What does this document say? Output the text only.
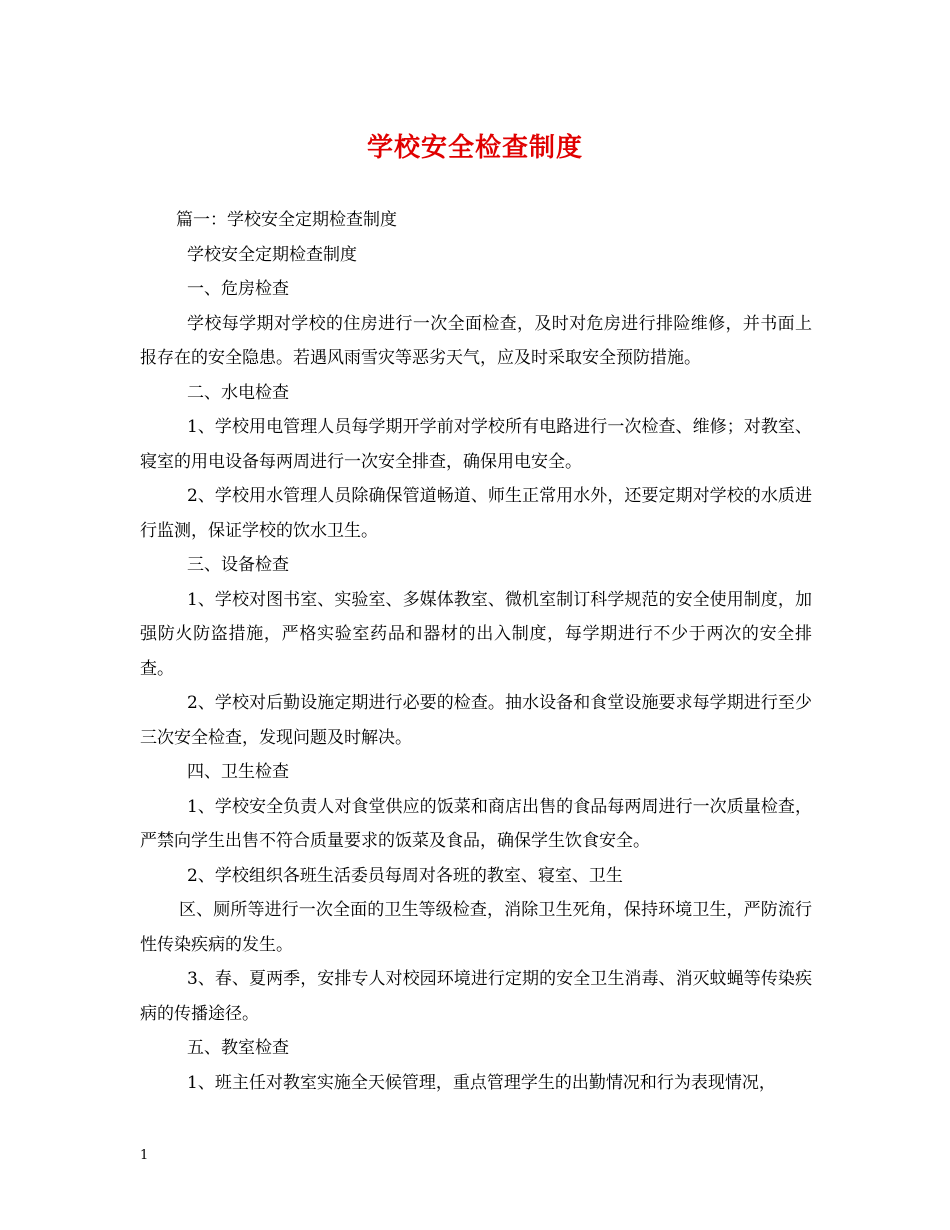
学校安全检查制度

篇一：学校安全定期检查制度

学校安全定期检查制度

一、危房检查

学校每学期对学校的住房进行一次全面检查，及时对危房进行排险维修，并书面上报存在的安全隐患。若遇风雨雪灾等恶劣天气，应及时采取安全预防措施。

二、水电检查

1、学校用电管理人员每学期开学前对学校所有电路进行一次检查、维修；对教室、寝室的用电设备每两周进行一次安全排查，确保用电安全。

2、学校用水管理人员除确保管道畅道、师生正常用水外，还要定期对学校的水质进行监测，保证学校的饮水卫生。

三、设备检查

1、学校对图书室、实验室、多媒体教室、微机室制订科学规范的安全使用制度，加强防火防盗措施，严格实验室药品和器材的出入制度，每学期进行不少于两次的安全排查。

2、学校对后勤设施定期进行必要的检查。抽水设备和食堂设施要求每学期进行至少三次安全检查，发现问题及时解决。

四、卫生检查

1、学校安全负责人对食堂供应的饭菜和商店出售的食品每两周进行一次质量检查，严禁向学生出售不符合质量要求的饭菜及食品，确保学生饮食安全。

2、学校组织各班生活委员每周对各班的教室、寝室、卫生

区、厕所等进行一次全面的卫生等级检查，消除卫生死角，保持环境卫生，严防流行性传染疾病的发生。

3、春、夏两季，安排专人对校园环境进行定期的安全卫生消毒、消灭蚊蝇等传染疾病的传播途径。

五、教室检查

1、班主任对教室实施全天候管理，重点管理学生的出勤情况和行为表现情况，

1
